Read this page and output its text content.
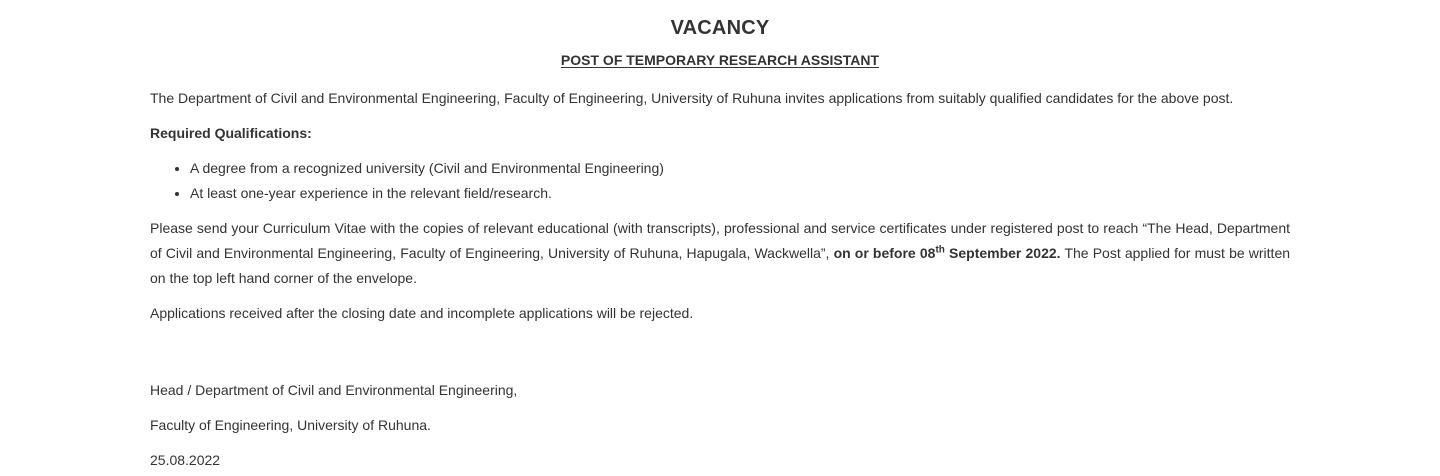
VACANCY
POST OF TEMPORARY RESEARCH ASSISTANT

The Department of Civil and Environmental Engineering, Faculty of Engineering, University of Ruhuna invites applications from suitably qualified candidates for the above post.

Required Qualifications:

• A degree from a recognized university (Civil and Environmental Engineering)
• At least one-year experience in the relevant field/research.

Please send your Curriculum Vitae with the copies of relevant educational (with transcripts), professional and service certificates under registered post to reach “The Head, Department of Civil and Environmental Engineering, Faculty of Engineering, University of Ruhuna, Hapugala, Wackwella”, on or before 08th September 2022. The Post applied for must be written on the top left hand corner of the envelope.

Applications received after the closing date and incomplete applications will be rejected.

Head / Department of Civil and Environmental Engineering,

Faculty of Engineering, University of Ruhuna.

25.08.2022
